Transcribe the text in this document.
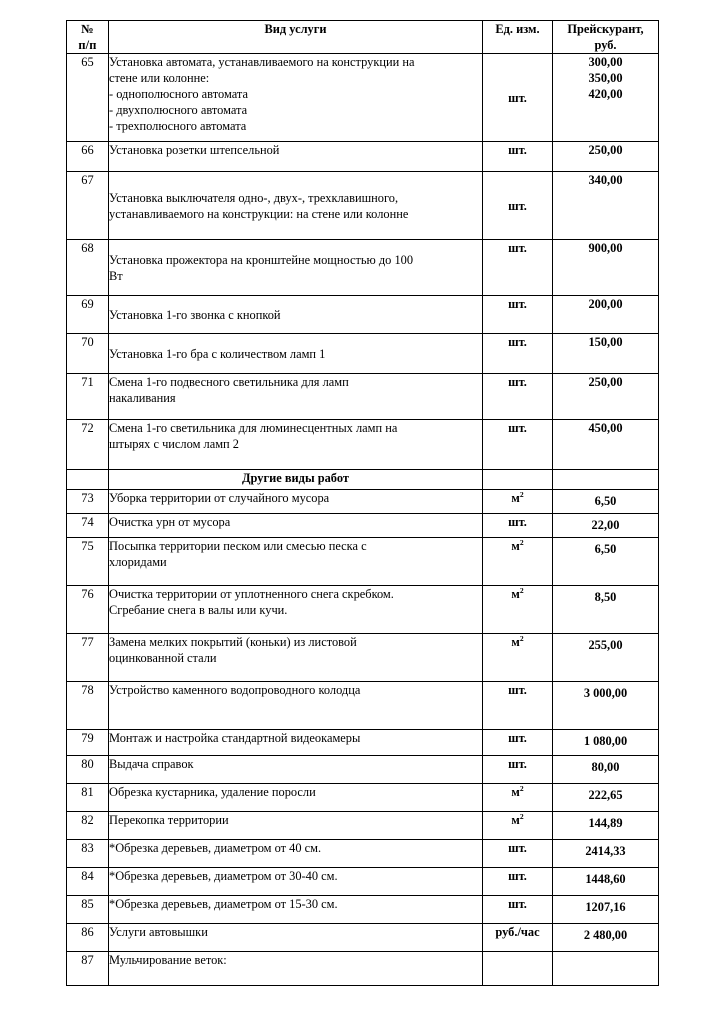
№
п/п	Вид услуги	Ед. изм.	Прейскурант,
руб.
65	Установка автомата, устанавливаемого на конструкции на
стене или колонне:
- однополюсного автомата
- двухполюсного автомата
- трехполюсного автомата	шт.	300,00
350,00
420,00

66	Установка розетки штепсельной	шт.	250,00

67	Установка выключателя одно-, двух-, трехклавишного,
устанавливаемого на конструкции: на стене или колонне	шт.	340,00

68	Установка прожектора на кронштейне мощностью до 100
Вт	шт.	900,00

69	Установка 1-го звонка с кнопкой	шт.	200,00

70	Установка 1-го бра с количеством ламп 1	шт.	150,00

71	Смена 1-го подвесного светильника для ламп
накаливания	шт.	250,00

72	Смена 1-го светильника для люминесцентных ламп на
штырях с числом ламп 2	шт.	450,00

	Другие виды работ		
73	Уборка территории от случайного мусора	$м^2$	6,50

74	Очистка урн от мусора	шт.	22,00

75	Посыпка территории песком или смесью песка с
хлоридами	$м^2$	6,50

76	Очистка территории от уплотненного снега скребком.
Сгребание снега в валы или кучи.	$м^2$	8,50

77	Замена мелких покрытий (коньки) из листовой
оцинкованной стали	$м^2$	255,00

78	Устройство каменного водопроводного колодца	шт.	3 000,00

79	Монтаж и настройка стандартной видеокамеры	шт.	1 080,00

80	Выдача справок	шт.	80,00

81	Обрезка кустарника, удаление поросли	$м^2$	222,65

82	Перекопка территории	$м^2$	144,89

83	*Обрезка деревьев, диаметром от 40 см.	шт.	2414,33

84	*Обрезка деревьев, диаметром от 30-40 см.	шт.	1448,60

85	*Обрезка деревьев, диаметром от 15-30 см.	шт.	1207,16

86	Услуги автовышки	руб./час	2 480,00

87	Мульчирование веток:		
